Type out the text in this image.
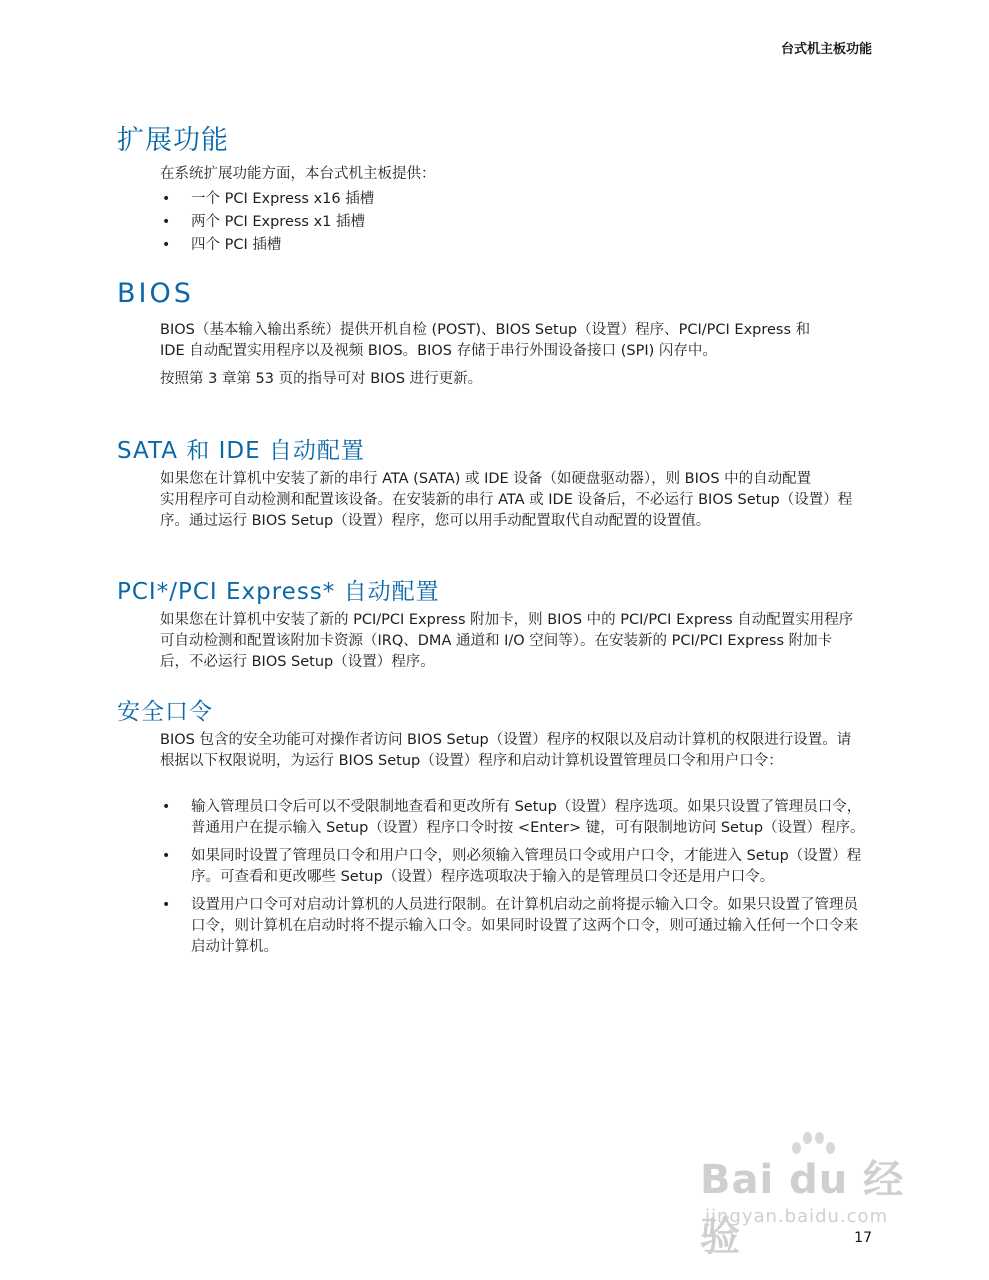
台式机主板功能
扩展功能

在系统扩展功能方面，本台式机主板提供：

• 一个 PCI Express x16 插槽
• 两个 PCI Express x1 插槽
• 四个 PCI 插槽
BIOS

BIOS（基本输入输出系统）提供开机自检 (POST)、BIOS Setup（设置）程序、PCI/PCI Express 和 IDE 自动配置实用程序以及视频 BIOS。BIOS 存储于串行外围设备接口 (SPI) 闪存中。

按照第 3 章第 53 页的指导可对 BIOS 进行更新。

SATA 和 IDE 自动配置

如果您在计算机中安装了新的串行 ATA (SATA) 或 IDE 设备（如硬盘驱动器），则 BIOS 中的自动配置

实用程序可自动检测和配置该设备。在安装新的串行 ATA 或 IDE 设备后，不必运行 BIOS Setup（设置）程序。通过运行 BIOS Setup（设置）程序，您可以用手动配置取代自动配置的设置值。

PCI*/PCI Express* 自动配置

如果您在计算机中安装了新的 PCI/PCI Express 附加卡，则 BIOS 中的 PCI/PCI Express 自动配置实用程序可自动检测和配置该附加卡资源（IRQ、DMA 通道和 I/O 空间等）。在安装新的 PCI/PCI Express 附加卡后，不必运行 BIOS Setup（设置）程序。

安全口令

BIOS 包含的安全功能可对操作者访问 BIOS Setup（设置）程序的权限以及启动计算机的权限进行设置。请根据以下权限说明，为运行 BIOS Setup（设置）程序和启动计算机设置管理员口令和用户口令：

• 输入管理员口令后可以不受限制地查看和更改所有 Setup（设置）程序选项。如果只设置了管理员口令，普通用户在提示输入 Setup（设置）程序口令时按 <Enter> 键，可有限制地访问 Setup（设置）程序。
• 如果同时设置了管理员口令和用户口令，则必须输入管理员口令或用户口令，才能进入 Setup（设置）程序。可查看和更改哪些 Setup（设置）程序选项取决于输入的是管理员口令还是用户口令。
• 设置用户口令可对启动计算机的人员进行限制。在计算机启动之前将提示输入口令。如果只设置了管理员口令，则计算机在启动时将不提示输入口令。如果同时设置了这两个口令，则可通过输入任何一个口令来启动计算机。
Bai du 经验
jingyan.baidu.com
17
